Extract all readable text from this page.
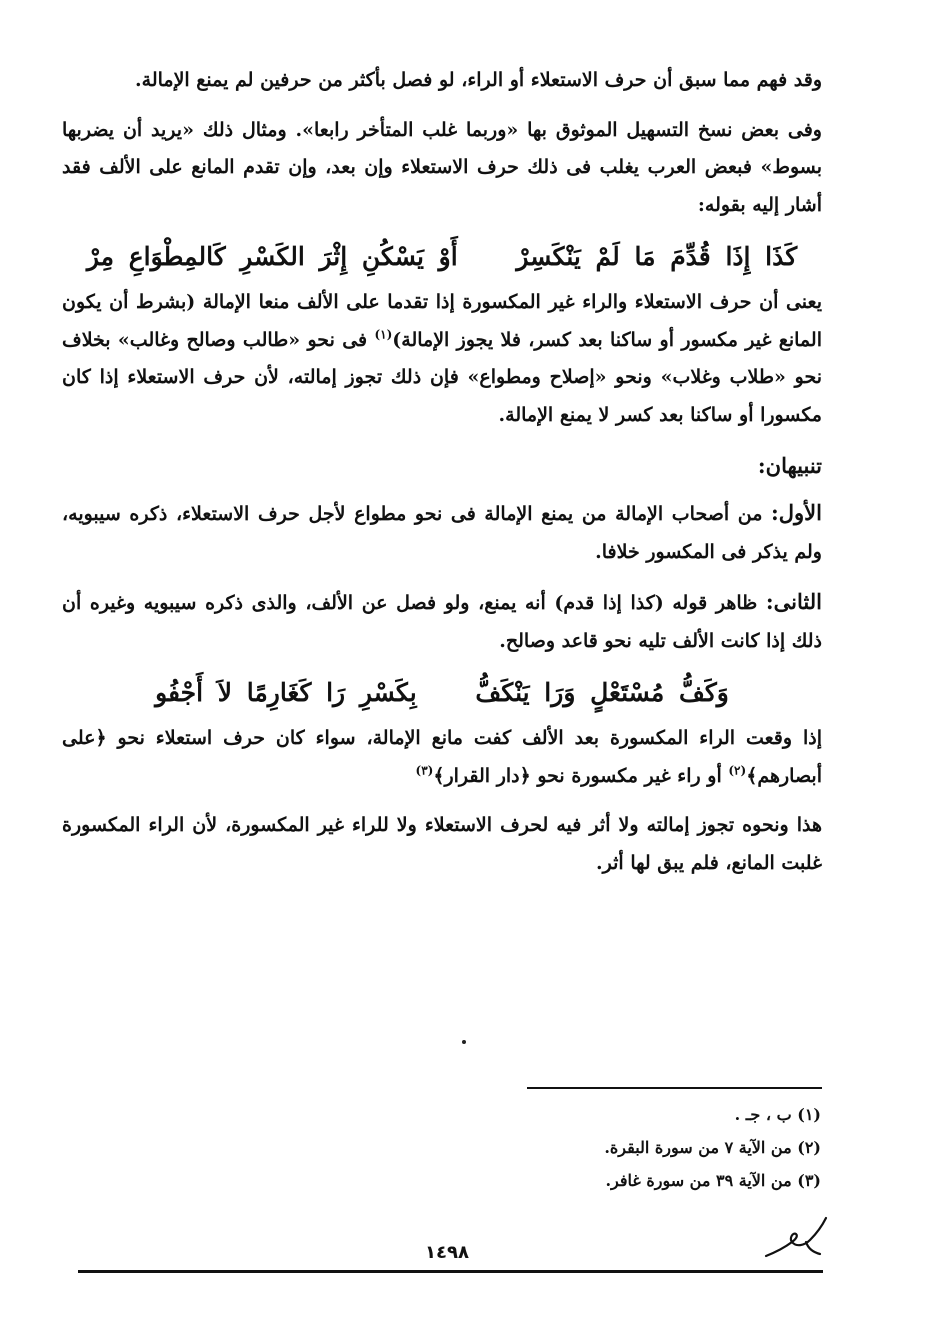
وقد فهم مما سبق أن حرف الاستعلاء أو الراء، لو فصل بأكثر من حرفين لم يمنع الإمالة.

وفى بعض نسخ التسهيل الموثوق بها «وربما غلب المتأخر رابعا». ومثال ذلك «يريد أن يضربها بسوط» فبعض العرب يغلب فى ذلك حرف الاستعلاء وإن بعد، وإن تقدم المانع على الألف فقد أشار إليه بقوله:

كَذَا إِذَا قُدِّمَ مَا لَمْ يَنْكَسِرْ أَوْ يَسْكُنِ إِثْرَ الكَسْرِ كَالمِطْوَاعِ مِرْ

يعنى أن حرف الاستعلاء والراء غير المكسورة إذا تقدما على الألف منعا الإمالة (بشرط أن يكون المانع غير مكسور أو ساكنا بعد كسر، فلا يجوز الإمالة)$^{(١)}$ فى نحو «طالب وصالح وغالب» بخلاف نحو «طلاب وغلاب» ونحو «إصلاح ومطواع» فإن ذلك تجوز إمالته، لأن حرف الاستعلاء إذا كان مكسورا أو ساكنا بعد كسر لا يمنع الإمالة.

تنبيهان:

الأول: من أصحاب الإمالة من يمنع الإمالة فى نحو مطواع لأجل حرف الاستعلاء، ذكره سيبويه، ولم يذكر فى المكسور خلافا.

الثانى: ظاهر قوله (كذا إذا قدم) أنه يمنع، ولو فصل عن الألف، والذى ذكره سيبويه وغيره أن ذلك إذا كانت الألف تليه نحو قاعد وصالح.

وَكَفُّ مُسْتَعْلٍ وَرَا يَنْكَفُّ بِكَسْرِ رَا كَغَارِمًا لاَ أَجْفُو

إذا وقعت الراء المكسورة بعد الألف كفت مانع الإمالة، سواء كان حرف استعلاء نحو ﴿على أبصارهم﴾$^{(٢)}$ أو راء غير مكسورة نحو ﴿دار القرار﴾$^{(٣)}$

هذا ونحوه تجوز إمالته ولا أثر فيه لحرف الاستعلاء ولا للراء غير المكسورة، لأن الراء المكسورة غلبت المانع، فلم يبق لها أثر.

(١) ب ، جـ .
(٢) من الآية ٧ من سورة البقرة.
(٣) من الآية ٣٩ من سورة غافر.
١٤٩٨
